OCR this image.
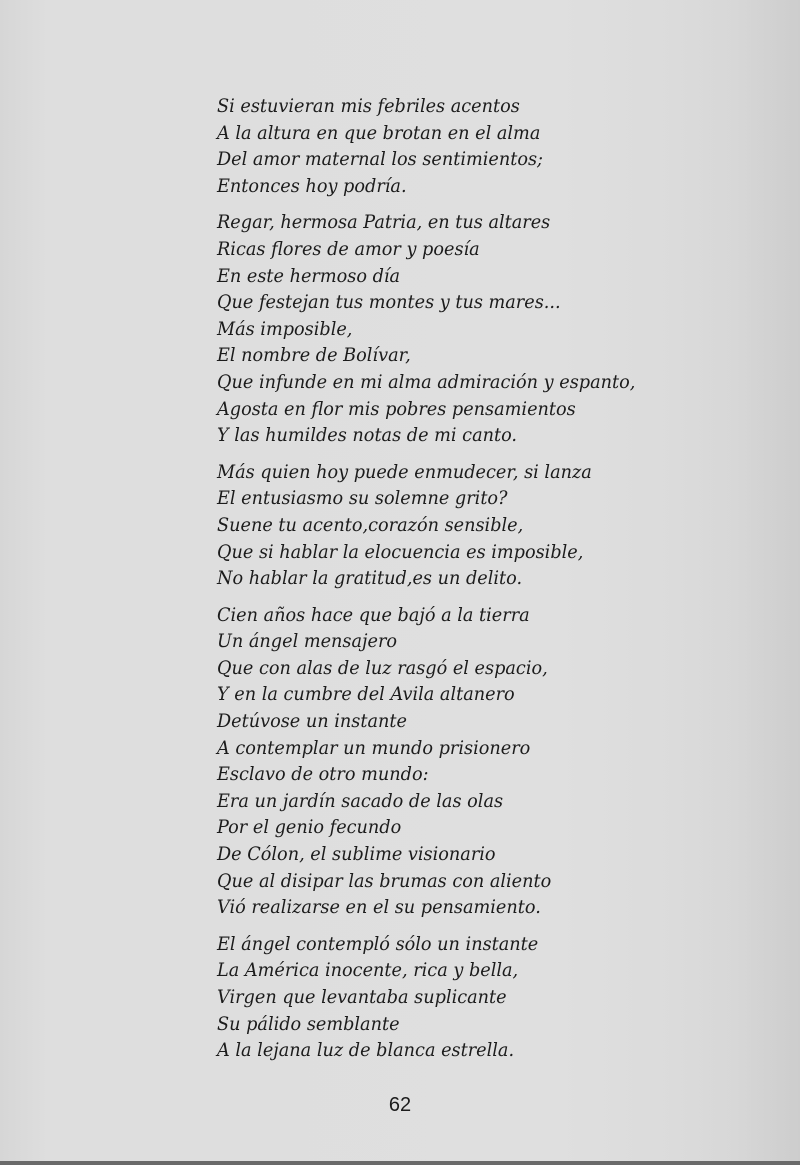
Si estuvieran mis febriles acentos
A la altura en que brotan en el alma
Del amor maternal los sentimientos;
Entonces hoy podría.
Regar, hermosa Patria, en tus altares
Ricas flores de amor y poesía
En este hermoso día
Que festejan tus montes y tus mares...
Más imposible,
El nombre de Bolívar,
Que infunde en mi alma admiración y espanto,
Agosta en flor mis pobres pensamientos
Y las humildes notas de mi canto.
Más quien hoy puede enmudecer, si lanza
El entusiasmo su solemne grito?
Suene tu acento,corazón sensible,
Que si hablar la elocuencia es imposible,
No hablar la gratitud,es un delito.
Cien años hace que bajó a la tierra
Un ángel mensajero
Que con alas de luz rasgó el espacio,
Y en la cumbre del Avila altanero
Detúvose un instante
A contemplar un mundo prisionero
Esclavo de otro mundo:
Era un jardín sacado de las olas
Por el genio fecundo
De Cólon, el sublime visionario
Que al disipar las brumas con aliento
Vió realizarse en el su pensamiento.
El ángel contempló sólo un instante
La América inocente, rica y bella,
Virgen que levantaba suplicante
Su pálido semblante
A la lejana luz de blanca estrella.
62
